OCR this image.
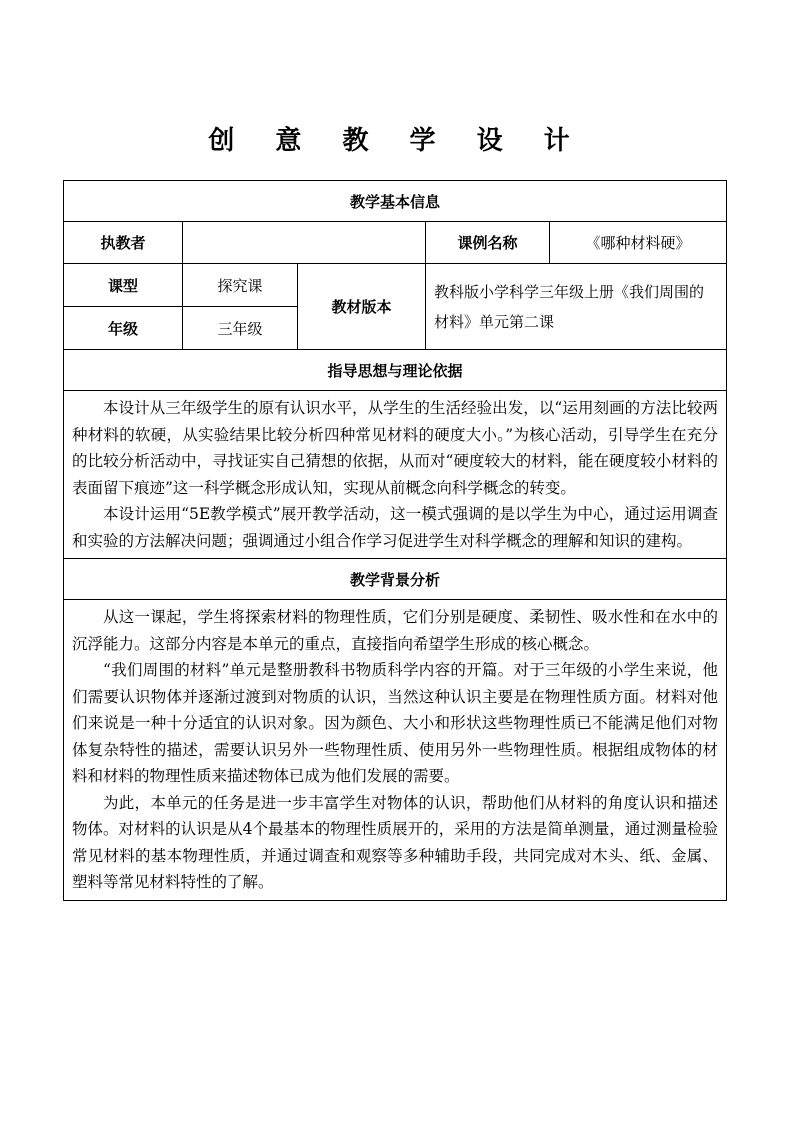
创 意 教 学 设 计
教学基本信息				
执教者			课例名称	《哪种材料硬》
课型	探究课	教材版本	教科版小学科学三年级上册《我们周围的材料》单元第二课	
年级	三年级			
指导思想与理论依据				

本设计从三年级学生的原有认识水平，从学生的生活经验出发，以“运用刻画的方法比较两种材料的软硬，从实验结果比较分析四种常见材料的硬度大小。”为核心活动，引导学生在充分的比较分析活动中，寻找证实自己猜想的依据，从而对“硬度较大的材料，能在硬度较小材料的表面留下痕迹”这一科学概念形成认知，实现从前概念向科学概念的转变。

本设计运用“5E教学模式”展开教学活动，这一模式强调的是以学生为中心，通过运用调查和实验的方法解决问题；强调通过小组合作学习促进学生对科学概念的理解和知识的建构。				

教学背景分析				

从这一课起，学生将探索材料的物理性质，它们分别是硬度、柔韧性、吸水性和在水中的沉浮能力。这部分内容是本单元的重点，直接指向希望学生形成的核心概念。

“我们周围的材料”单元是整册教科书物质科学内容的开篇。对于三年级的小学生来说，他们需要认识物体并逐渐过渡到对物质的认识，当然这种认识主要是在物理性质方面。材料对他们来说是一种十分适宜的认识对象。因为颜色、大小和形状这些物理性质已不能满足他们对物体复杂特性的描述，需要认识另外一些物理性质、使用另外一些物理性质。根据组成物体的材料和材料的物理性质来描述物体已成为他们发展的需要。

为此，本单元的任务是进一步丰富学生对物体的认识，帮助他们从材料的角度认识和描述物体。对材料的认识是从4个最基本的物理性质展开的，采用的方法是简单测量，通过测量检验常见材料的基本物理性质，并通过调查和观察等多种辅助手段，共同完成对木头、纸、金属、塑料等常见材料特性的了解。				
